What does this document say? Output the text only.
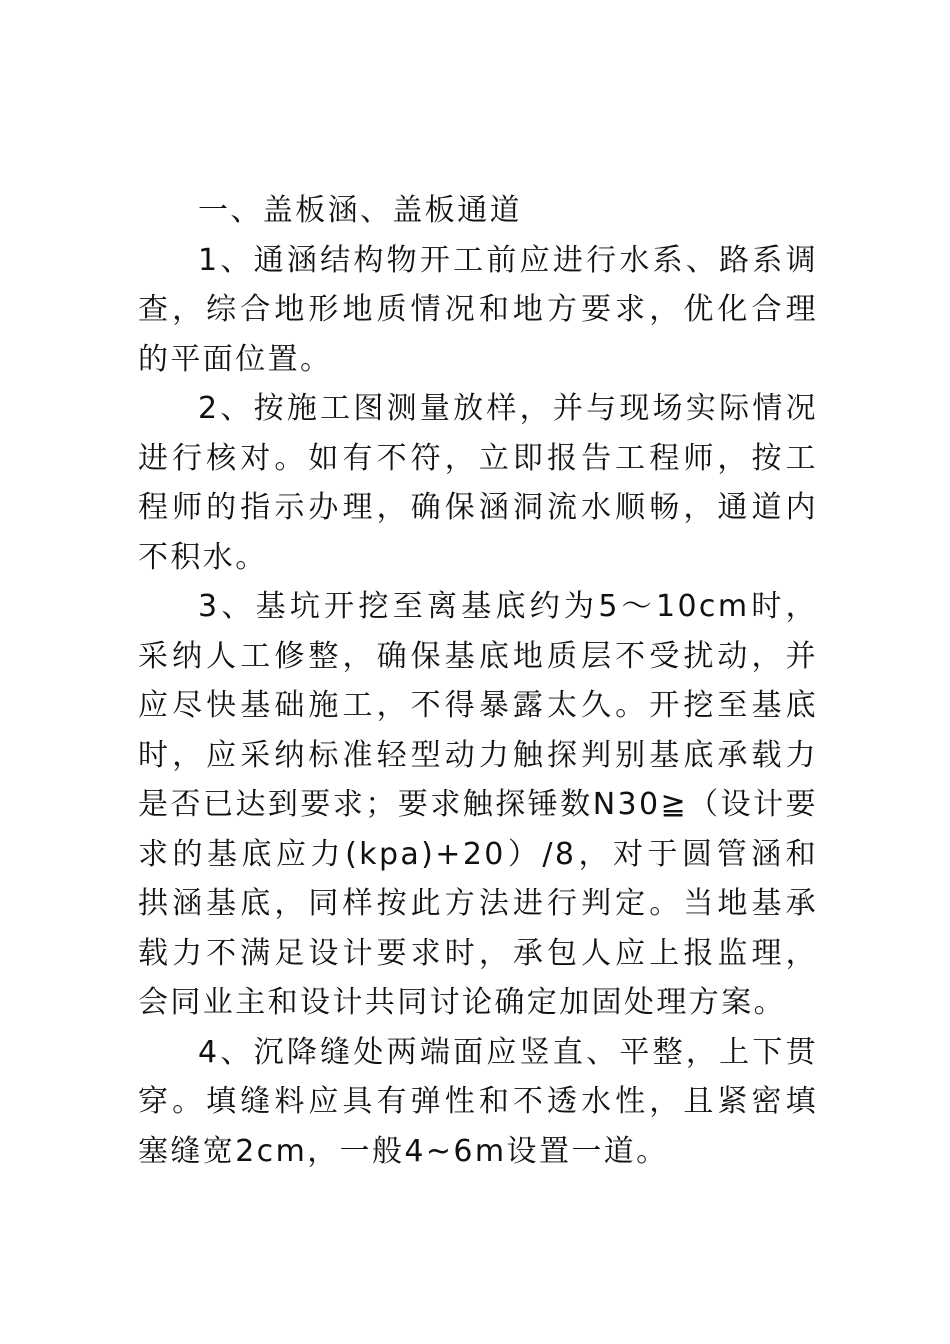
一、盖板涵、盖板通道

1、通涵结构物开工前应进行水系、路系调查，综合地形地质情况和地方要求，优化合理的平面位置。

2、按施工图测量放样，并与现场实际情况进行核对。如有不符，立即报告工程师，按工程师的指示办理，确保涵洞流水顺畅，通道内不积水。

3、基坑开挖至离基底约为5～10cm时，采纳人工修整，确保基底地质层不受扰动，并应尽快基础施工，不得暴露太久。开挖至基底时，应采纳标准轻型动力触探判别基底承载力是否已达到要求；要求触探锤数N30≧（设计要求的基底应力(kpa)+20）/8，对于圆管涵和拱涵基底，同样按此方法进行判定。当地基承载力不满足设计要求时，承包人应上报监理，会同业主和设计共同讨论确定加固处理方案。

4、沉降缝处两端面应竖直、平整，上下贯穿。填缝料应具有弹性和不透水性，且紧密填塞缝宽2cm，一般4~6m设置一道。
